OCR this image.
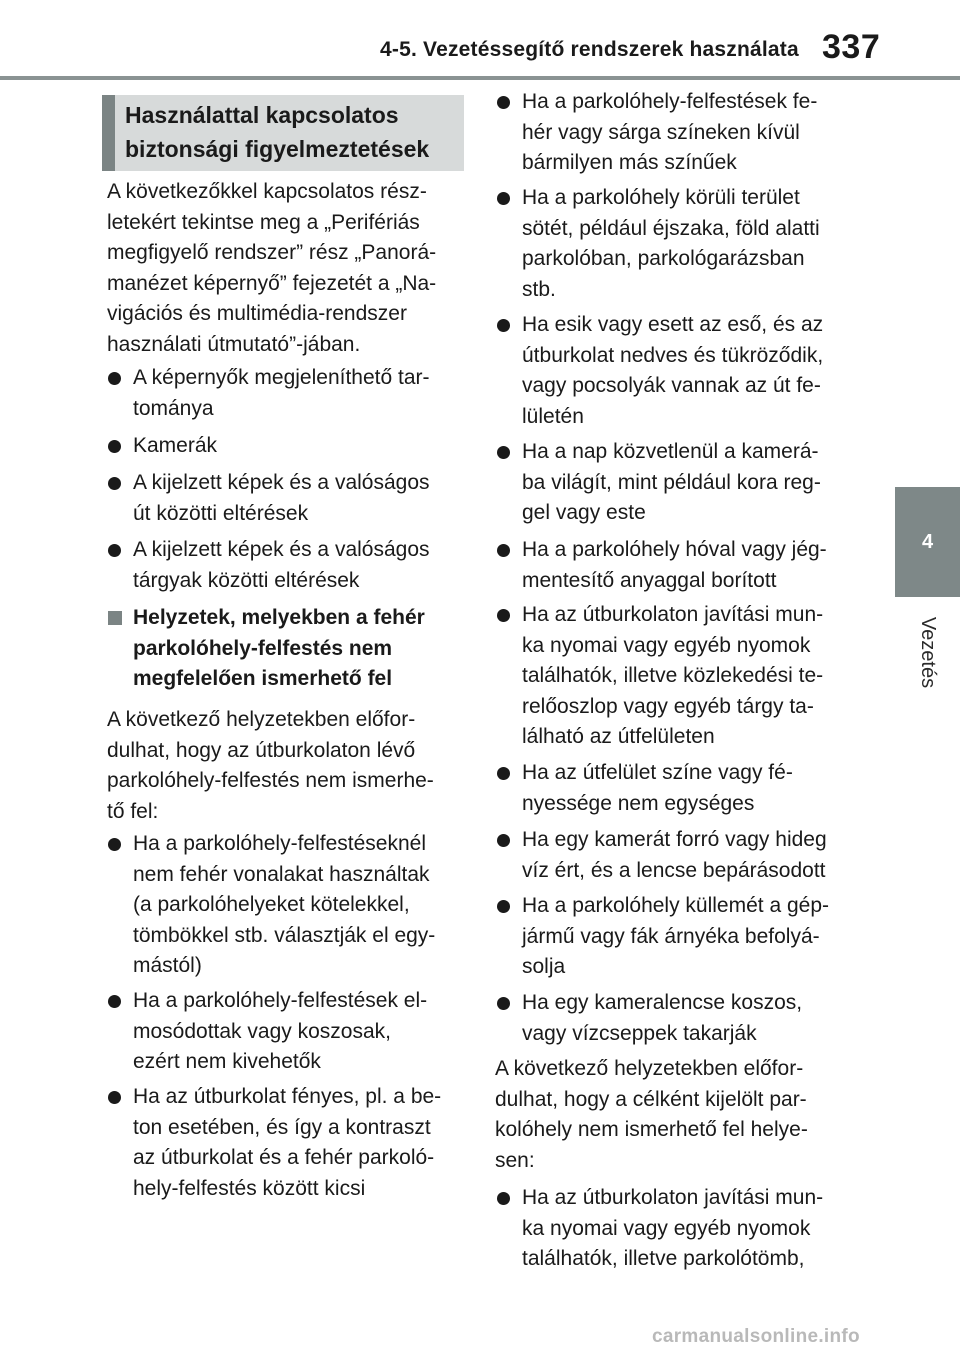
4-5. Vezetéssegítő rendszerek használata 337
4
Vezetés
Használattal kapcsolatos
biztonsági figyelmeztetések
A következőkkel kapcsolatos rész-
letekért tekintse meg a „Perifériás
megfigyelő rendszer” rész „Panorá-
manézet képernyő” fejezetét a „Na-
vigációs és multimédia-rendszer
használati útmutató”-jában.
A képernyők megjeleníthető tar-
tománya
Kamerák
A kijelzett képek és a valóságos
út közötti eltérések
A kijelzett képek és a valóságos
tárgyak közötti eltérések
Helyzetek, melyekben a fehér
parkolóhely-felfestés nem
megfelelően ismerhető fel
A következő helyzetekben előfor-
dulhat, hogy az útburkolaton lévő
parkolóhely-felfestés nem ismerhe-
tő fel:
Ha a parkolóhely-felfestéseknél
nem fehér vonalakat használtak
(a parkolóhelyeket kötelekkel,
tömbökkel stb. választják el egy-
mástól)
Ha a parkolóhely-felfestések el-
mosódottak vagy koszosak,
ezért nem kivehetők
Ha az útburkolat fényes, pl. a be-
ton esetében, és így a kontraszt
az útburkolat és a fehér parkoló-
hely-felfestés között kicsi
Ha a parkolóhely-felfestések fe-
hér vagy sárga színeken kívül
bármilyen más színűek
Ha a parkolóhely körüli terület
sötét, például éjszaka, föld alatti
parkolóban, parkológarázsban
stb.
Ha esik vagy esett az eső, és az
útburkolat nedves és tükröződik,
vagy pocsolyák vannak az út fe-
lületén
Ha a nap közvetlenül a kamerá-
ba világít, mint például kora reg-
gel vagy este
Ha a parkolóhely hóval vagy jég-
mentesítő anyaggal borított
Ha az útburkolaton javítási mun-
ka nyomai vagy egyéb nyomok
találhatók, illetve közlekedési te-
relőoszlop vagy egyéb tárgy ta-
lálható az útfelületen
Ha az útfelület színe vagy fé-
nyessége nem egységes
Ha egy kamerát forró vagy hideg
víz ért, és a lencse bepárásodott
Ha a parkolóhely küllemét a gép-
jármű vagy fák árnyéka befolyá-
solja
Ha egy kameralencse koszos,
vagy vízcseppek takarják
A következő helyzetekben előfor-
dulhat, hogy a célként kijelölt par-
kolóhely nem ismerhető fel helye-
sen:
Ha az útburkolaton javítási mun-
ka nyomai vagy egyéb nyomok
találhatók, illetve parkolótömb,
carmanualsonline.info
